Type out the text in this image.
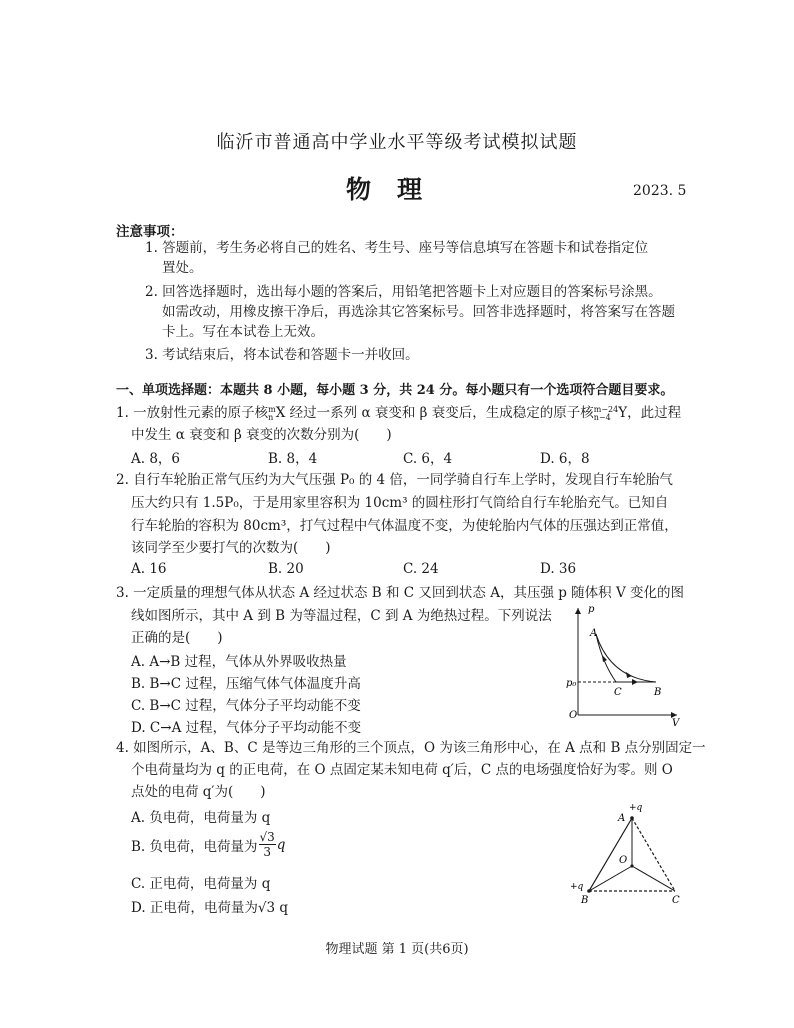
临沂市普通高中学业水平等级考试模拟试题
物理	2023. 5
注意事项：
1. 答题前，考生务必将自己的姓名、考生号、座号等信息填写在答题卡和试卷指定位
置处。
2. 回答选择题时，选出每小题的答案后，用铅笔把答题卡上对应题目的答案标号涂黑。
如需改动，用橡皮擦干净后，再选涂其它答案标号。回答非选择题时，将答案写在答题
卡上。写在本试卷上无效。
3. 考试结束后，将本试卷和答题卡一并收回。
一、单项选择题：本题共 8 小题，每小题 3 分，共 24 分。每小题只有一个选项符合题目要求。
1. 一放射性元素的原子核 m
n X 经过一系列 α 衰变和 β 衰变后，生成稳定的原子核 m−24
n−4 Y，此过程
中发生 α 衰变和 β 衰变的次数分别为(　　)
A. 8，6	B. 8，4	C. 6，4	D. 6，8
2. 自行车轮胎正常气压约为大气压强 P₀ 的 4 倍，一同学骑自行车上学时，发现自行车轮胎气
压大约只有 1.5P₀，于是用家里容积为 10cm³ 的圆柱形打气筒给自行车轮胎充气。已知自
行车轮胎的容积为 80cm³，打气过程中气体温度不变，为使轮胎内气体的压强达到正常值，
该同学至少要打气的次数为(　　)
A. 16	B. 20	C. 24	D. 36
3. 一定质量的理想气体从状态 A 经过状态 B 和 C 又回到状态 A，其压强 p 随体积 V 变化的图
线如图所示，其中 A 到 B 为等温过程，C 到 A 为绝热过程。下列说法
正确的是(　　)
A. A→B 过程，气体从外界吸收热量
B. B→C 过程，压缩气体气体温度升高
C. B→C 过程，气体分子平均动能不变
D. C→A 过程，气体分子平均动能不变
p
V
O
p₀
A
C	B
4. 如图所示，A、B、C 是等边三角形的三个顶点，O 为该三角形中心，在 A 点和 B 点分别固定一
个电荷量均为 q 的正电荷，在 O 点固定某未知电荷 q′后，C 点的电场强度恰好为零。则 O
点处的电荷 q′为(　　)
A. 负电荷，电荷量为 q
B. 负电荷，电荷量为 $\frac{√3}{3}$ q
C. 正电荷，电荷量为 q
D. 正电荷，电荷量为√3 q
A
+q
O
+q
B	C
物理试题 第 1 页(共6页)
